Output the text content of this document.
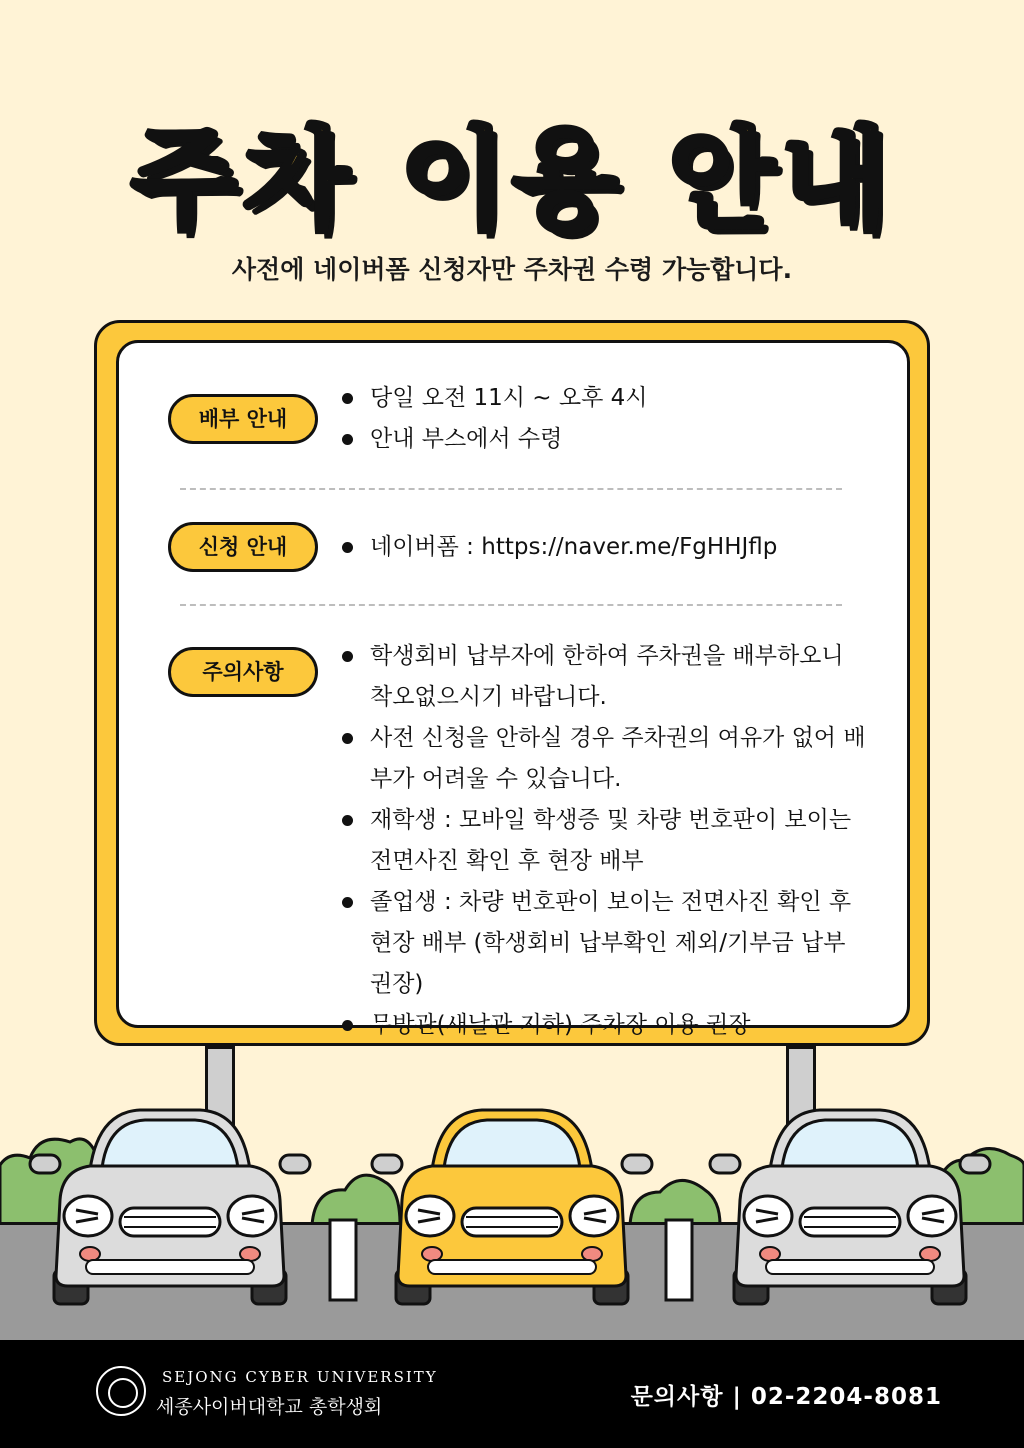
주차 이용 안내
사전에 네이버폼 신청자만 주차권 수령 가능합니다.
배부 안내
당일 오전 11시 ~ 오후 4시
안내 부스에서 수령
신청 안내	네이버폼 : https://naver.me/FgHHJflp
주의사항
학생회비 납부자에 한하여 주차권을 배부하오니 착오없으시기 바랍니다.
사전 신청을 안하실 경우 주차권의 여유가 없어 배부가 어려울 수 있습니다.
재학생 : 모바일 학생증 및 차량 번호판이 보이는 전면사진 확인 후 현장 배부
졸업생 : 차량 번호판이 보이는 전면사진 확인 후 현장 배부 (학생회비 납부확인 제외/기부금 납부 권장)
무방관(새날관 지하) 주차장 이용 권장
SEJONG CYBER UNIVERSITY
세종사이버대학교 총학생회	문의사항 | 02-2204-8081
